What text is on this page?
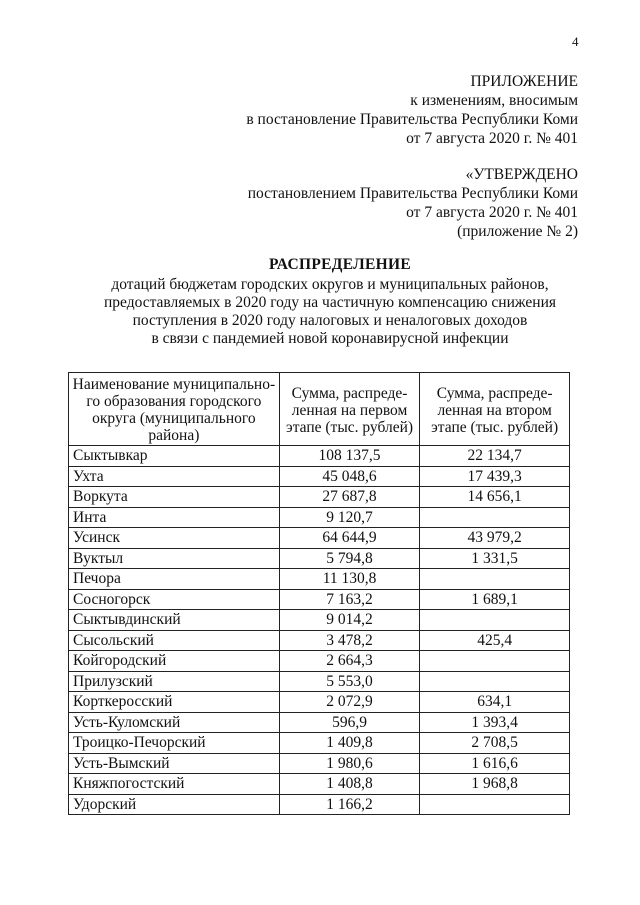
4
ПРИЛОЖЕНИЕ
к изменениям, вносимым
в постановление Правительства Республики Коми
от 7 августа 2020 г. № 401
«УТВЕРЖДЕНО
постановлением Правительства Республики Коми
от 7 августа 2020 г. № 401
(приложение № 2)
РАСПРЕДЕЛЕНИЕ
дотаций бюджетам городских округов и муниципальных районов,
предоставляемых в 2020 году на частичную компенсацию снижения
поступления в 2020 году налоговых и неналоговых доходов
в связи с пандемией новой коронавирусной инфекции
Наименование муниципально-го образования городского округа (муниципального района)	Сумма, распреде-ленная на первом этапе (тыс. рублей)	Сумма, распреде-ленная на втором этапе (тыс. рублей)
Сыктывкар	108 137,5	22 134,7
Ухта	45 048,6	17 439,3
Воркута	27 687,8	14 656,1
Инта	9 120,7	
Усинск	64 644,9	43 979,2
Вуктыл	5 794,8	1 331,5
Печора	11 130,8	
Сосногорск	7 163,2	1 689,1
Сыктывдинский	9 014,2	
Сысольский	3 478,2	425,4
Койгородский	2 664,3	
Прилузский	5 553,0	
Корткеросский	2 072,9	634,1
Усть-Куломский	596,9	1 393,4
Троицко-Печорский	1 409,8	2 708,5
Усть-Вымский	1 980,6	1 616,6
Княжпогостский	1 408,8	1 968,8
Удорский	1 166,2	
